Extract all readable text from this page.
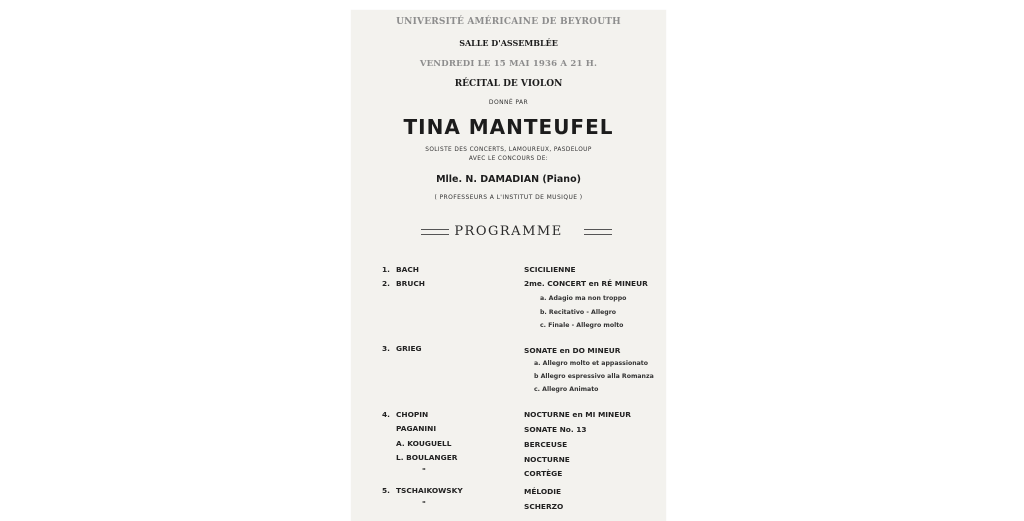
UNIVERSITÉ AMÉRICAINE DE BEYROUTH
SALLE D'ASSEMBLÉE
VENDREDI LE 15 MAI 1936 A 21 H.
RÉCITAL DE VIOLON
DONNÉ PAR
TINA MANTEUFEL
SOLISTE DES CONCERTS, LAMOUREUX, PASDELOUP
AVEC LE CONCOURS DE:
Mlle. N. DAMADIAN (Piano)
( PROFESSEURS A L'INSTITUT DE MUSIQUE )
PROGRAMME
1. BACH	SCICILIENNE
2. BRUCH	2me. CONCERT en RÉ MINEUR
a. Adagio ma non troppo
b. Recitativo - Allegro
c. Finale - Allegro molto
3. GRIEG	SONATE en DO MINEUR
a. Allegro molto et appassionato
b Allegro espressivo alla Romanza
c. Allegro Animato
4. CHOPIN	NOCTURNE en MI MINEUR
PAGANINI	SONATE No. 13
A. KOUGUELL	BERCEUSE
L. BOULANGER	NOCTURNE
"	CORTÈGE
5. TSCHAIKOWSKY	MÉLODIE
"	SCHERZO
